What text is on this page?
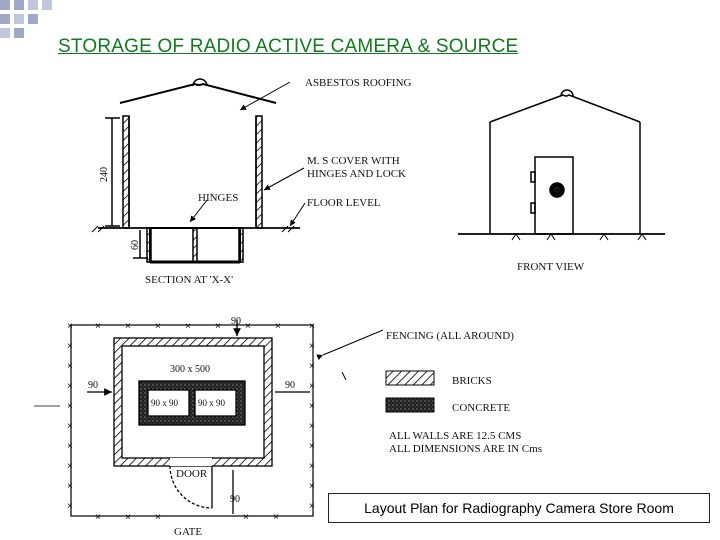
STORAGE OF RADIO ACTIVE CAMERA & SOURCE
ASBESTOS ROOFING
M. S COVER WITH
HINGES AND LOCK
HINGES	FLOOR LEVEL
240
60
SECTION AT 'X-X'
FRONT VIEW
×
×
×
×
×
×
×
×
×
×
×
×
×
×
×
×
×
×
×
×
× × × × × × ×
× × ×	× ×
90
300 x 500
90	90
90 x 90 90 x 90
DOOR
90
GATE
FENCING (ALL AROUND)
BRICKS
CONCRETE
ALL WALLS ARE 12.5 CMS
ALL DIMENSIONS ARE IN Cms
Layout Plan for Radiography Camera Store Room
